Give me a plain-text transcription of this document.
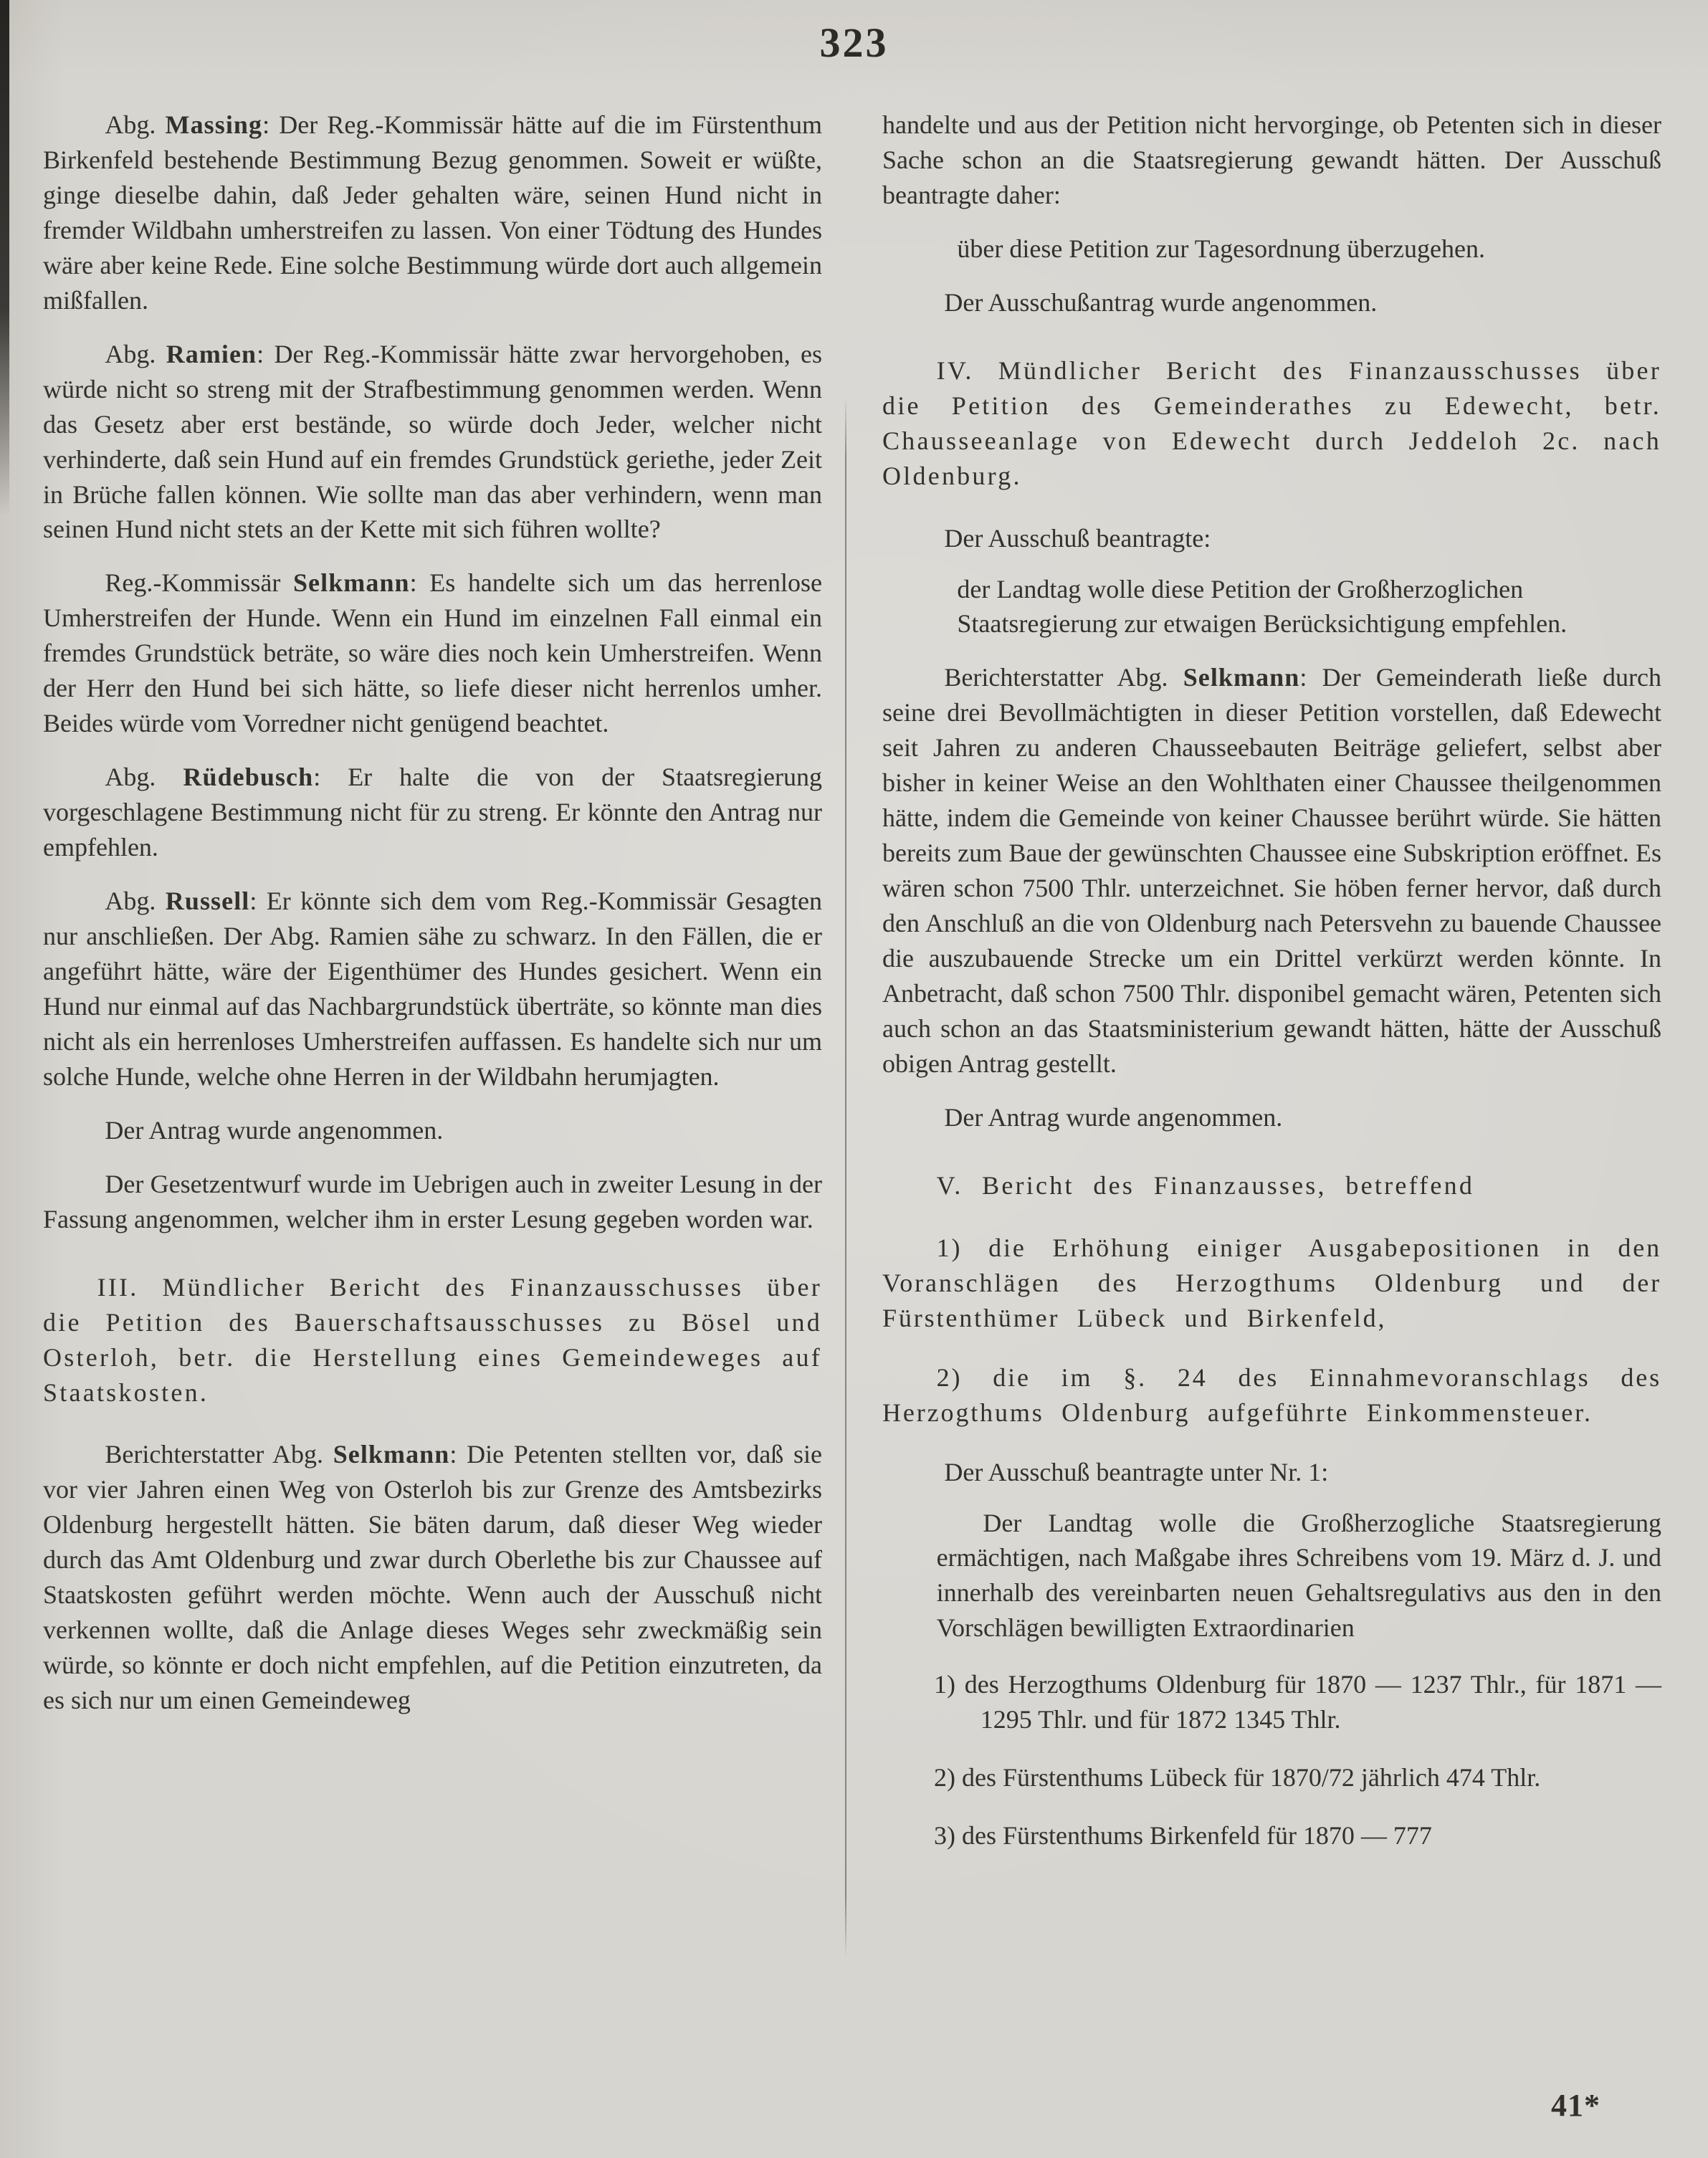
323

Abg. Massing: Der Reg.-Kommissär hätte auf die im Fürstenthum Birkenfeld bestehende Bestimmung Bezug genommen. Soweit er wüßte, ginge dieselbe dahin, daß Jeder gehalten wäre, seinen Hund nicht in fremder Wildbahn umherstreifen zu lassen. Von einer Tödtung des Hundes wäre aber keine Rede. Eine solche Bestimmung würde dort auch allgemein mißfallen.

Abg. Ramien: Der Reg.-Kommissär hätte zwar hervorgehoben, es würde nicht so streng mit der Strafbestimmung genommen werden. Wenn das Gesetz aber erst bestände, so würde doch Jeder, welcher nicht verhinderte, daß sein Hund auf ein fremdes Grundstück geriethe, jeder Zeit in Brüche fallen können. Wie sollte man das aber verhindern, wenn man seinen Hund nicht stets an der Kette mit sich führen wollte?

Reg.-Kommissär Selkmann: Es handelte sich um das herrenlose Umherstreifen der Hunde. Wenn ein Hund im einzelnen Fall einmal ein fremdes Grundstück beträte, so wäre dies noch kein Umherstreifen. Wenn der Herr den Hund bei sich hätte, so liefe dieser nicht herrenlos umher. Beides würde vom Vorredner nicht genügend beachtet.

Abg. Rüdebusch: Er halte die von der Staatsregierung vorgeschlagene Bestimmung nicht für zu streng. Er könnte den Antrag nur empfehlen.

Abg. Russell: Er könnte sich dem vom Reg.-Kommissär Gesagten nur anschließen. Der Abg. Ramien sähe zu schwarz. In den Fällen, die er angeführt hätte, wäre der Eigenthümer des Hundes gesichert. Wenn ein Hund nur einmal auf das Nachbargrundstück überträte, so könnte man dies nicht als ein herrenloses Umherstreifen auffassen. Es handelte sich nur um solche Hunde, welche ohne Herren in der Wildbahn herumjagten.

Der Antrag wurde angenommen.

Der Gesetzentwurf wurde im Uebrigen auch in zweiter Lesung in der Fassung angenommen, welcher ihm in erster Lesung gegeben worden war.

III. Mündlicher Bericht des Finanzausschusses über die Petition des Bauerschaftsausschusses zu Bösel und Osterloh, betr. die Herstellung eines Gemeindeweges auf Staatskosten.

Berichterstatter Abg. Selkmann: Die Petenten stellten vor, daß sie vor vier Jahren einen Weg von Osterloh bis zur Grenze des Amtsbezirks Oldenburg hergestellt hätten. Sie bäten darum, daß dieser Weg wieder durch das Amt Oldenburg und zwar durch Oberlethe bis zur Chaussee auf Staatskosten geführt werden möchte. Wenn auch der Ausschuß nicht verkennen wollte, daß die Anlage dieses Weges sehr zweckmäßig sein würde, so könnte er doch nicht empfehlen, auf die Petition einzutreten, da es sich nur um einen Gemeindeweg

handelte und aus der Petition nicht hervorginge, ob Petenten sich in dieser Sache schon an die Staatsregierung gewandt hätten. Der Ausschuß beantragte daher:

über diese Petition zur Tagesordnung überzugehen.

Der Ausschußantrag wurde angenommen.

IV. Mündlicher Bericht des Finanzausschusses über die Petition des Gemeinderathes zu Edewecht, betr. Chausseeanlage von Edewecht durch Jeddeloh 2c. nach Oldenburg.

Der Ausschuß beantragte:

der Landtag wolle diese Petition der Großherzoglichen Staatsregierung zur etwaigen Berücksichtigung empfehlen.

Berichterstatter Abg. Selkmann: Der Gemeinderath ließe durch seine drei Bevollmächtigten in dieser Petition vorstellen, daß Edewecht seit Jahren zu anderen Chausseebauten Beiträge geliefert, selbst aber bisher in keiner Weise an den Wohlthaten einer Chaussee theilgenommen hätte, indem die Gemeinde von keiner Chaussee berührt würde. Sie hätten bereits zum Baue der gewünschten Chaussee eine Subskription eröffnet. Es wären schon 7500 Thlr. unterzeichnet. Sie höben ferner hervor, daß durch den Anschluß an die von Oldenburg nach Petersvehn zu bauende Chaussee die auszubauende Strecke um ein Drittel verkürzt werden könnte. In Anbetracht, daß schon 7500 Thlr. disponibel gemacht wären, Petenten sich auch schon an das Staatsministerium gewandt hätten, hätte der Ausschuß obigen Antrag gestellt.

Der Antrag wurde angenommen.

V. Bericht des Finanzausses, betreffend

1) die Erhöhung einiger Ausgabepositionen in den Voranschlägen des Herzogthums Oldenburg und der Fürstenthümer Lübeck und Birkenfeld,

2) die im §. 24 des Einnahmevoranschlags des Herzogthums Oldenburg aufgeführte Einkommensteuer.

Der Ausschuß beantragte unter Nr. 1:

Der Landtag wolle die Großherzogliche Staatsregierung ermächtigen, nach Maßgabe ihres Schreibens vom 19. März d. J. und innerhalb des vereinbarten neuen Gehaltsregulativs aus den in den Vorschlägen bewilligten Extraordinarien

1) des Herzogthums Oldenburg für 1870 — 1237 Thlr., für 1871 — 1295 Thlr. und für 1872 1345 Thlr.

2) des Fürstenthums Lübeck für 1870/72 jährlich 474 Thlr.

3) des Fürstenthums Birkenfeld für 1870 — 777

41*
